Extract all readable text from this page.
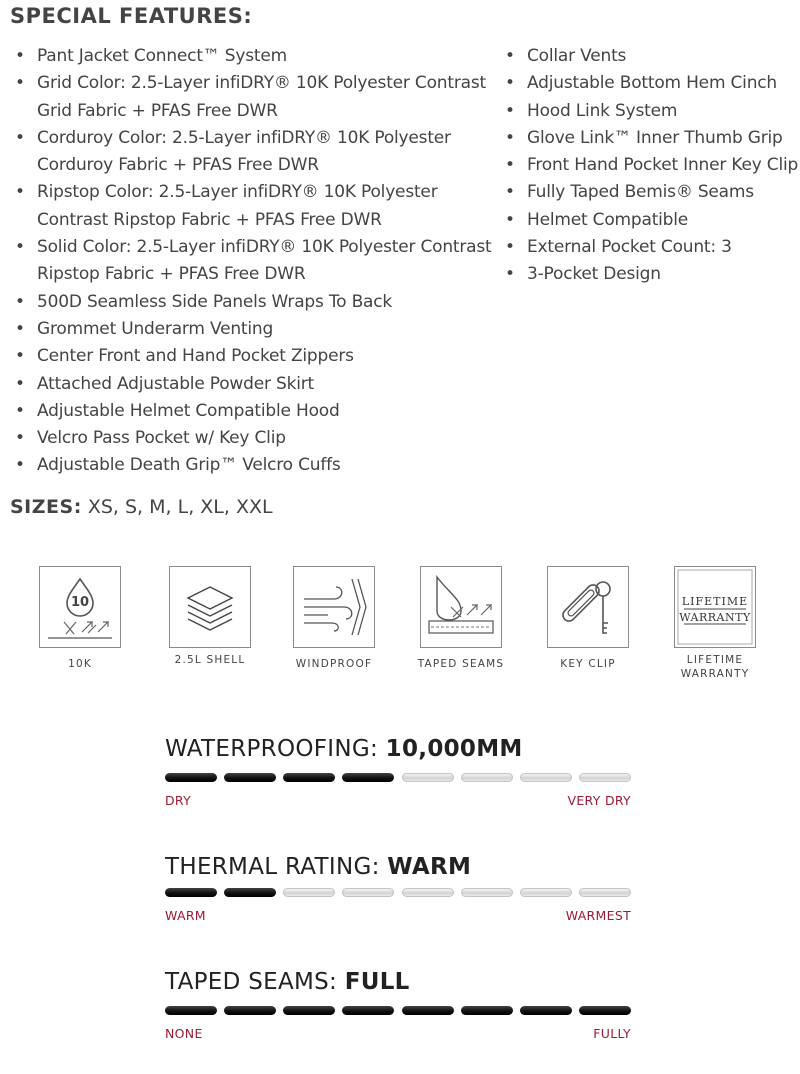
SPECIAL FEATURES:
• Pant Jacket Connect™ System
• Grid Color: 2.5-Layer infiDRY® 10K Polyester Contrast
Grid Fabric + PFAS Free DWR
• Corduroy Color: 2.5-Layer infiDRY® 10K Polyester
Corduroy Fabric + PFAS Free DWR
• Ripstop Color: 2.5-Layer infiDRY® 10K Polyester
Contrast Ripstop Fabric + PFAS Free DWR
• Solid Color: 2.5-Layer infiDRY® 10K Polyester Contrast
Ripstop Fabric + PFAS Free DWR
• 500D Seamless Side Panels Wraps To Back
• Grommet Underarm Venting
• Center Front and Hand Pocket Zippers
• Attached Adjustable Powder Skirt
• Adjustable Helmet Compatible Hood
• Velcro Pass Pocket w/ Key Clip
• Adjustable Death Grip™ Velcro Cuffs
• Collar Vents
• Adjustable Bottom Hem Cinch
• Hood Link System
• Glove Link™ Inner Thumb Grip
• Front Hand Pocket Inner Key Clip
• Fully Taped Bemis® Seams
• Helmet Compatible
• External Pocket Count: 3
• 3-Pocket Design

SIZES: XS, S, M, L, XL, XXL

10
10K	2.5L SHELL	WINDPROOF	TAPED SEAMS	KEY CLIP
LIFETIME
WARRANTY
LIFETIME
WARRANTY
WATERPROOFING: 10,000MM
DRY	VERY DRY
THERMAL RATING: WARM
WARM	WARMEST
TAPED SEAMS: FULL
NONE	FULLY
